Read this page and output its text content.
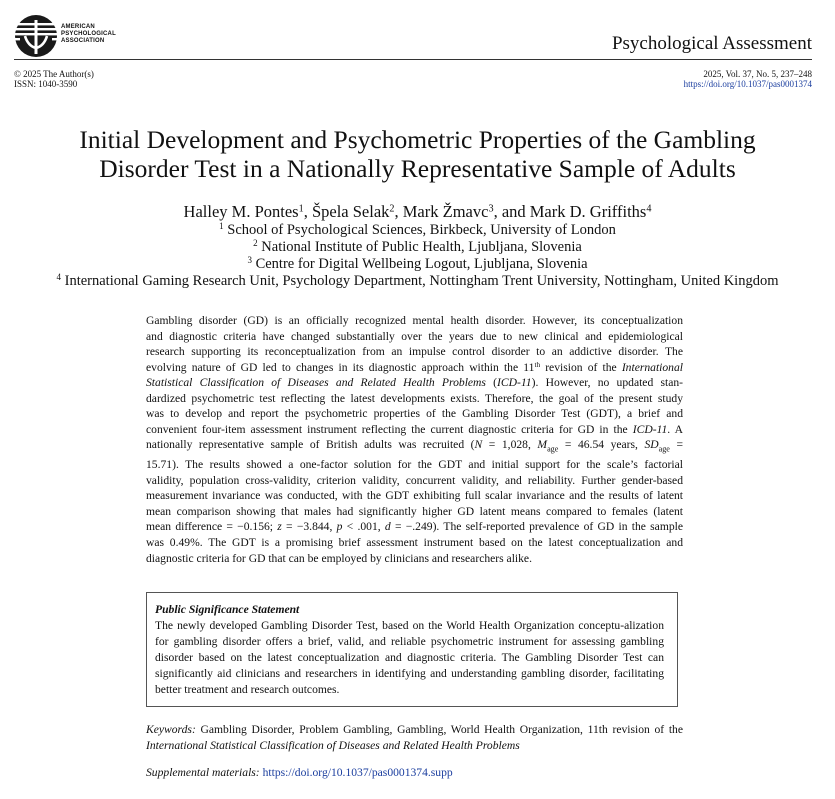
AMERICAN
PSYCHOLOGICAL
ASSOCIATION	Psychological Assessment
© 2025 The Author(s)
ISSN: 1040-3590
2025, Vol. 37, No. 5, 237–248
https://doi.org/10.1037/pas0001374
Initial Development and Psychometric Properties of the Gambling
Disorder Test in a Nationally Representative Sample of Adults
Halley M. Pontes$^1$, Špela Selak$^2$, Mark Žmavc$^3$, and Mark D. Griffiths$^4$
$^1$ School of Psychological Sciences, Birkbeck, University of London
$^2$ National Institute of Public Health, Ljubljana, Slovenia
$^3$ Centre for Digital Wellbeing Logout, Ljubljana, Slovenia
$^4$ International Gaming Research Unit, Psychology Department, Nottingham Trent University, Nottingham, United Kingdom
Gambling disorder (GD) is an officially recognized mental health disorder. However, its conceptualization
and diagnostic criteria have changed substantially over the years due to new clinical and epidemiological
research supporting its reconceptualization from an impulse control disorder to an addictive disorder. The
evolving nature of GD led to changes in its diagnostic approach within the 11th revision of the International
Statistical Classification of Diseases and Related Health Problems (ICD-11). However, no updated stan-
dardized psychometric test reflecting the latest developments exists. Therefore, the goal of the present study
was to develop and report the psychometric properties of the Gambling Disorder Test (GDT), a brief and
convenient four-item assessment instrument reflecting the current diagnostic criteria for GD in the ICD-11. A
nationally representative sample of British adults was recruited (N = 1,028, $M_{age} = 46.54$ years, $SD_{age}$ =
15.71). The results showed a one-factor solution for the GDT and initial support for the scale’s factorial
validity, population cross-validity, criterion validity, concurrent validity, and reliability. Further gender-based
measurement invariance was conducted, with the GDT exhibiting full scalar invariance and the results of latent
mean comparison showing that males had significantly higher GD latent means compared to females (latent
mean difference = −0.156; z = −3.844, p < .001, d = −.249). The self-reported prevalence of GD in the sample
was 0.49%. The GDT is a promising brief assessment instrument based on the latest conceptualization and
diagnostic criteria for GD that can be employed by clinicians and researchers alike.
Public Significance Statement
The newly developed Gambling Disorder Test, based on the World Health Organization conceptu-alization for gambling disorder offers a brief, valid, and reliable psychometric instrument for assessing gambling disorder based on the latest conceptualization and diagnostic criteria. The Gambling Disorder Test can significantly aid clinicians and researchers in identifying and understanding gambling disorder, facilitating better treatment and research outcomes.
Keywords: Gambling Disorder, Problem Gambling, Gambling, World Health Organization, 11th revision of the International Statistical Classification of Diseases and Related Health Problems
Supplemental materials: https://doi.org/10.1037/pas0001374.supp
